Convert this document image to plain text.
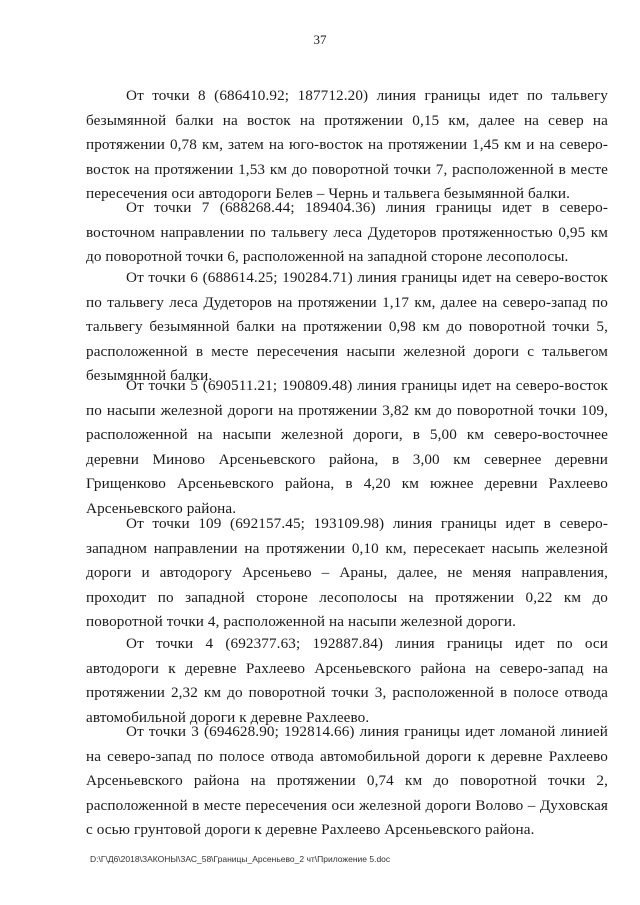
37

От точки 8 (686410.92; 187712.20) линия границы идет по тальвегу безымянной балки на восток на протяжении 0,15 км, далее на север на протяжении 0,78 км, затем на юго-восток на протяжении 1,45 км и на северо-восток на протяжении 1,53 км до поворотной точки 7, расположенной в месте пересечения оси автодороги Белев – Чернь и тальвега безымянной балки.

От точки 7 (688268.44; 189404.36) линия границы идет в северо-восточном направлении по тальвегу леса Дудеторов протяженностью 0,95 км до поворотной точки 6, расположенной на западной стороне лесополосы.

От точки 6 (688614.25; 190284.71) линия границы идет на северо-восток по тальвегу леса Дудеторов на протяжении 1,17 км, далее на северо-запад по тальвегу безымянной балки на протяжении 0,98 км до поворотной точки 5, расположенной в месте пересечения насыпи железной дороги с тальвегом безымянной балки.

От точки 5 (690511.21; 190809.48) линия границы идет на северо-восток по насыпи железной дороги на протяжении 3,82 км до поворотной точки 109, расположенной на насыпи железной дороги, в 5,00 км северо-восточнее деревни Миново Арсеньевского района, в 3,00 км севернее деревни Грищенково Арсеньевского района, в 4,20 км южнее деревни Рахлеево Арсеньевского района.

От точки 109 (692157.45; 193109.98) линия границы идет в северо-западном направлении на протяжении 0,10 км, пересекает насыпь железной дороги и автодорогу Арсеньево – Араны, далее, не меняя направления, проходит по западной стороне лесополосы на протяжении 0,22 км до поворотной точки 4, расположенной на насыпи железной дороги.

От точки 4 (692377.63; 192887.84) линия границы идет по оси автодороги к деревне Рахлеево Арсеньевского района на северо-запад на протяжении 2,32 км до поворотной точки 3, расположенной в полосе отвода автомобильной дороги к деревне Рахлеево.

От точки 3 (694628.90; 192814.66) линия границы идет ломаной линией на северо-запад по полосе отвода автомобильной дороги к деревне Рахлеево Арсеньевского района на протяжении 0,74 км до поворотной точки 2, расположенной в месте пересечения оси железной дороги Волово – Духовская с осью грунтовой дороги к деревне Рахлеево Арсеньевского района.

D:\Г\Д6\2018\ЗАКОНЫ\ЗАС_58\Границы_Арсеньево_2 чт\Приложение 5.doc
